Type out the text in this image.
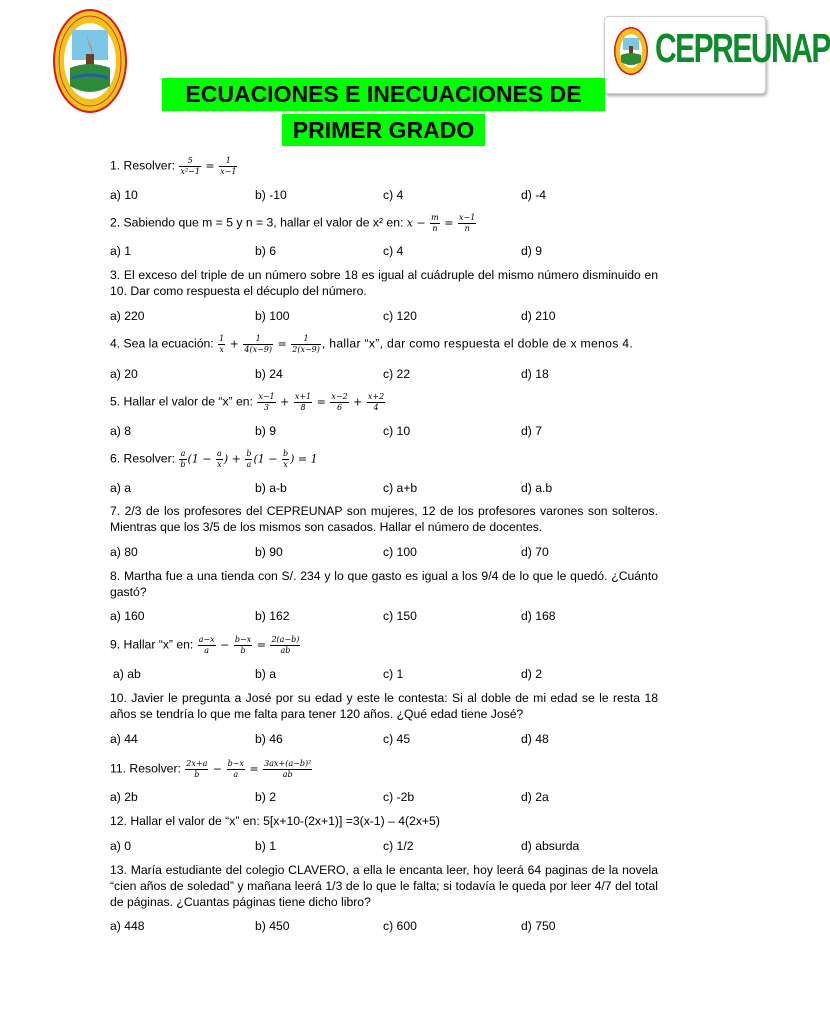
CEPREUNAP
ECUACIONES E INECUACIONES DE
PRIMER GRADO
1. Resolver: $\frac{5}{\text{x²−1}} = \frac{1}{x-1}$
a) 10	b) -10	c) 4	d) -4
2. Sabiendo que m = 5 y n = 3, hallar el valor de x² en: $x - \frac{m}{n} = \frac{x-1}{n}$
a) 1	b) 6	c) 4	d) 9
3. El exceso del triple de un número sobre 18 es igual al cuádruple del mismo número disminuido en 10. Dar como respuesta el décuplo del número.
a) 220	b) 100	c) 120	d) 210
4. Sea la ecuación: $\frac{1}{x} + \frac{1}{4(x-9)} = \frac{1}{2(x-9)}$ , hallar “x”, dar como respuesta el doble de x menos 4.
a) 20	b) 24	c) 22	d) 18
5. Hallar el valor de “x” en: $\frac{x-1}{3} + \frac{x+1}{8} = \frac{x-2}{6} + \frac{x+2}{4}$
a) 8	b) 9	c) 10	d) 7
6. Resolver: $\frac{a}{b} (1 - \frac{a}{x}$ ) + $\frac{b}{a} (1 - \frac{b}{x}$ ) = 1
a) a	b) a-b	c) a+b	d) a.b
7. 2/3 de los profesores del CEPREUNAP son mujeres, 12 de los profesores varones son solteros. Mientras que los 3/5 de los mismos son casados. Hallar el número de docentes.
a) 80	b) 90	c) 100	d) 70
8. Martha fue a una tienda con S/. 234 y lo que gasto es igual a los 9/4 de lo que le quedó. ¿Cuánto gastó?
a) 160	b) 162	c) 150	d) 168
9. Hallar “x” en: $\frac{a-x}{a} - \frac{b-x}{b} = \frac{2(a-b)}{ab}$
a) ab	b) a	c) 1	d) 2
10. Javier le pregunta a José por su edad y este le contesta: Si al doble de mi edad se le resta 18 años se tendría lo que me falta para tener 120 años. ¿Qué edad tiene José?
a) 44	b) 46	c) 45	d) 48
11. Resolver: $\frac{2x+a}{b} - \frac{b-x}{a} = \frac{\text{3ax+(a−b)²}}{ab}$
a) 2b	b) 2	c) -2b	d) 2a
12. Hallar el valor de “x” en: 5[x+10-(2x+1)] =3(x-1) – 4(2x+5)
a) 0	b) 1	c) 1/2	d) absurda
13. María estudiante del colegio CLAVERO, a ella le encanta leer, hoy leerá 64 paginas de la novela “cien años de soledad” y mañana leerá 1/3 de lo que le falta; si todavía le queda por leer 4/7 del total de páginas. ¿Cuantas páginas tiene dicho libro?
a) 448	b) 450	c) 600	d) 750
